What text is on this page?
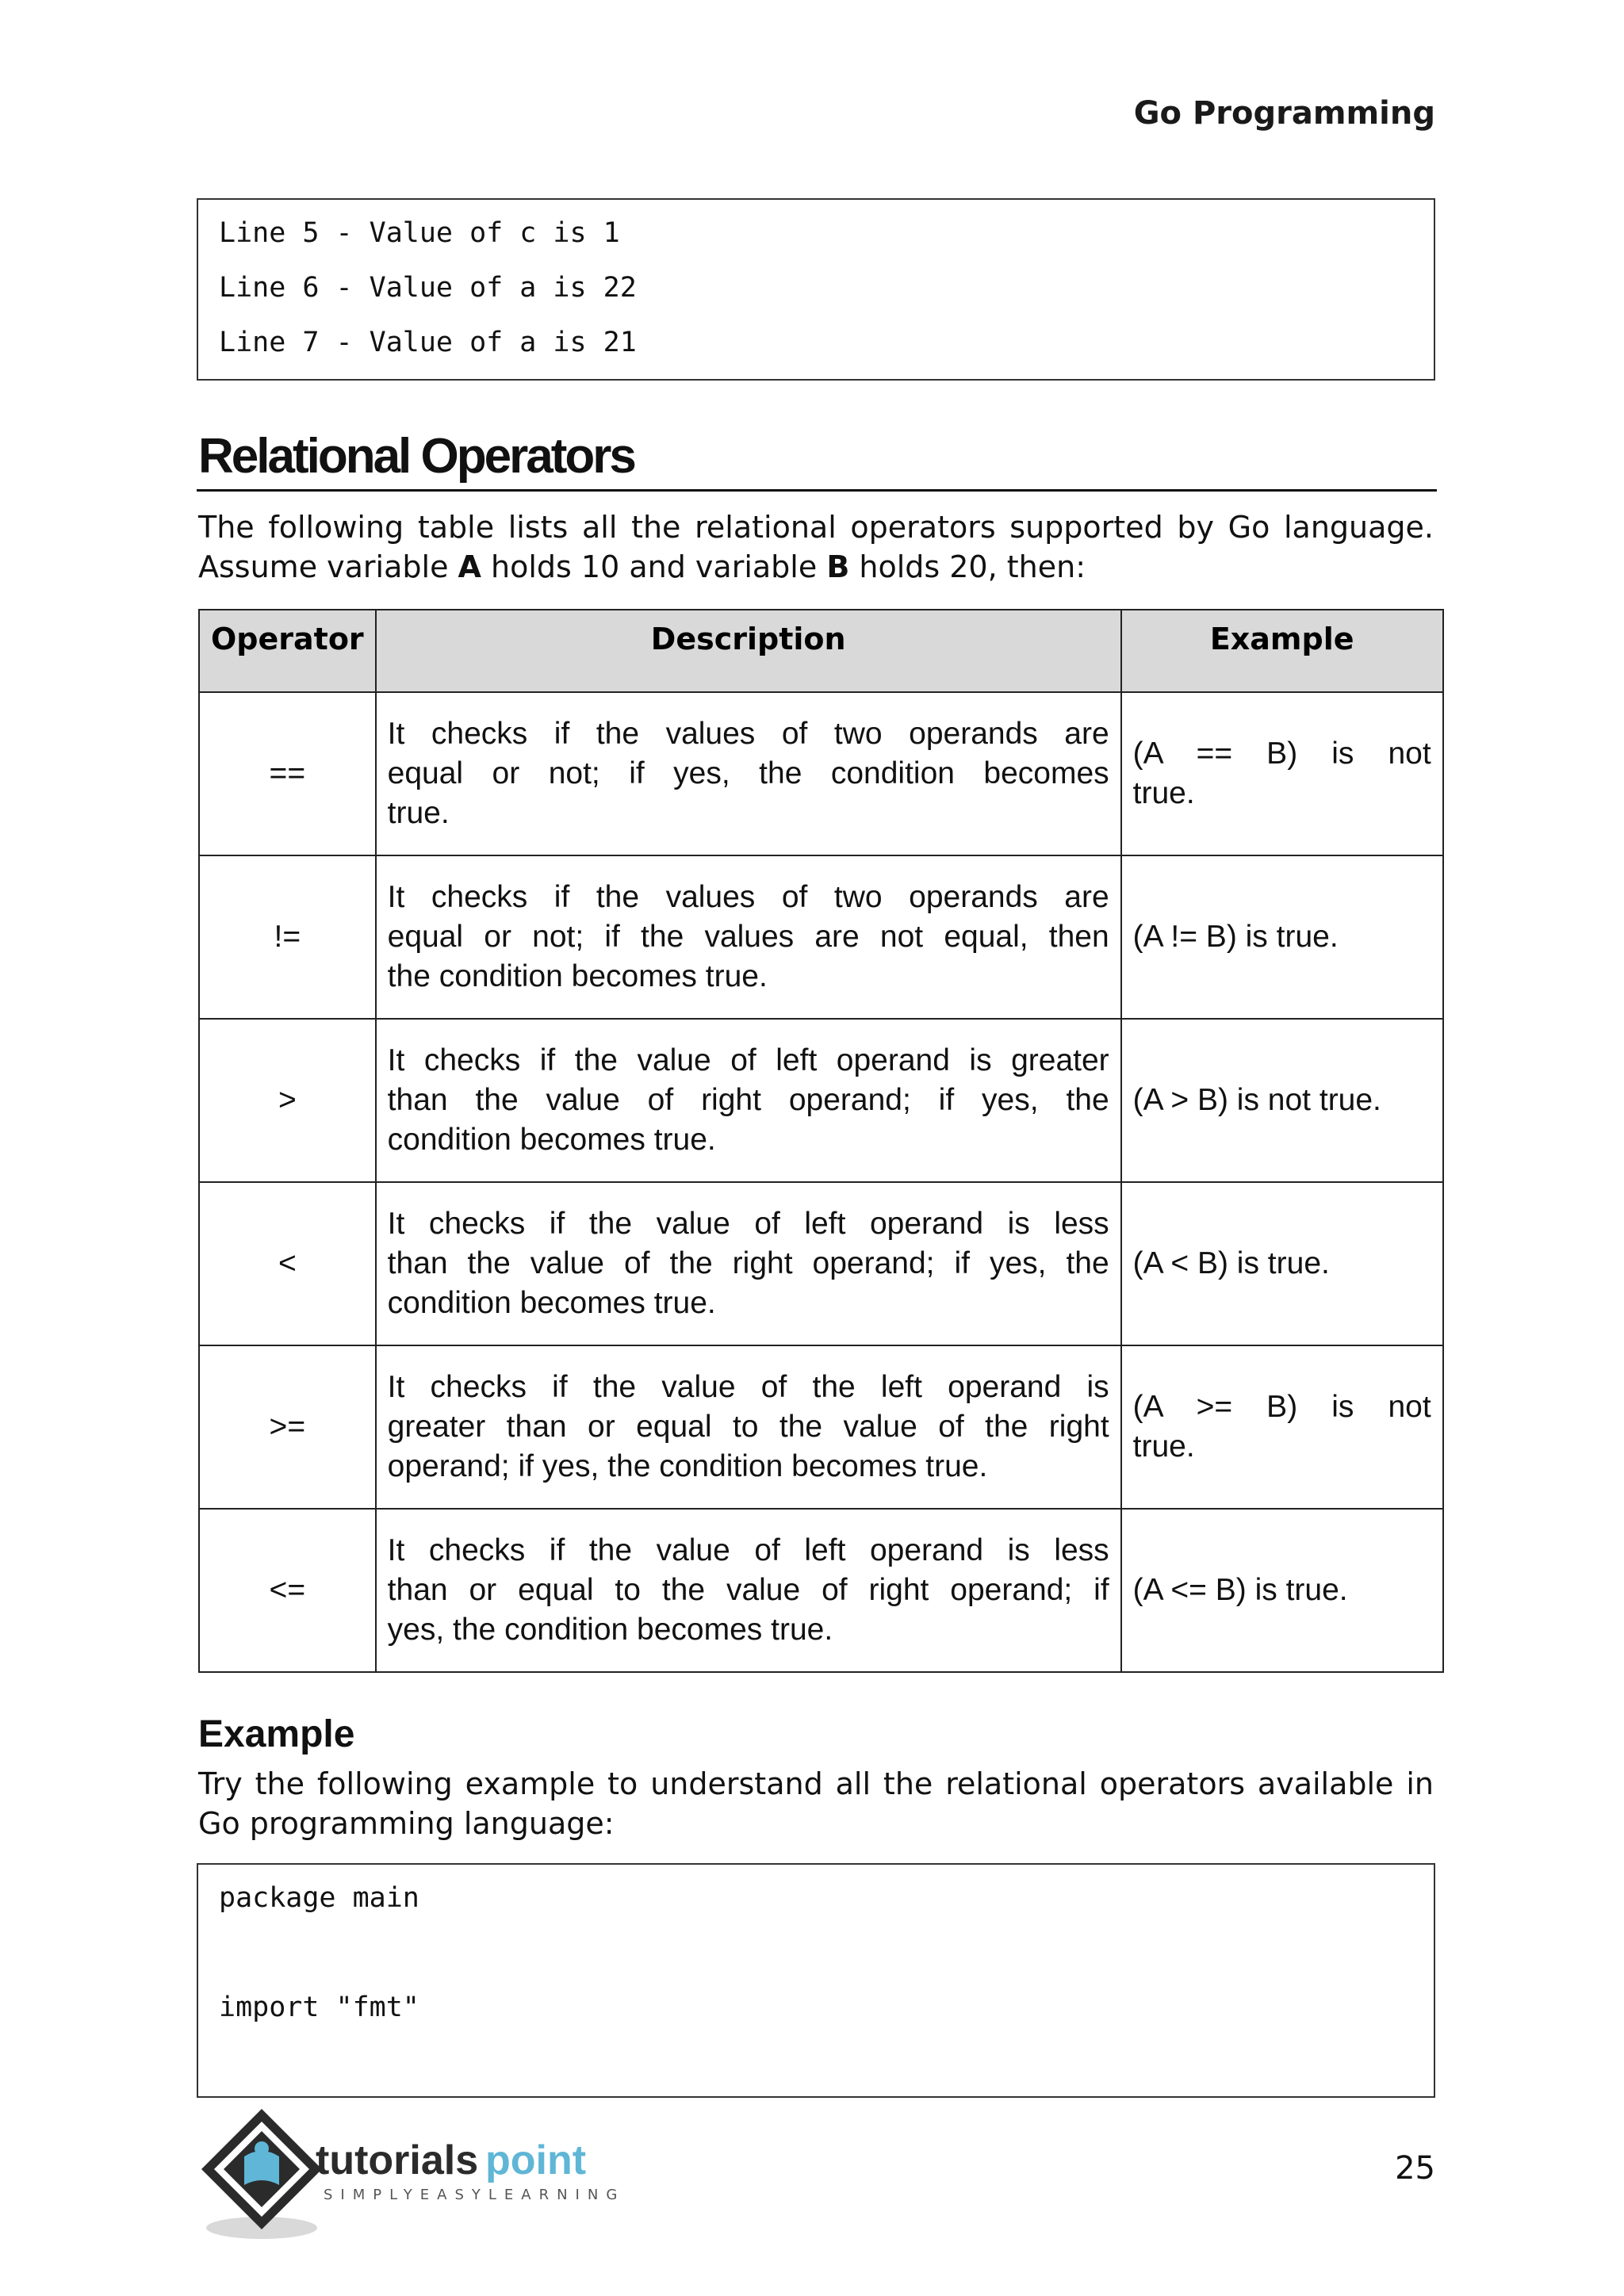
Go Programming
Line 5 - Value of c is 1
Line 6 - Value of a is 22
Line 7 - Value of a is 21
Relational Operators
The following table lists all the relational operators supported by Go language.
Assume variable A holds 10 and variable B holds 20, then:
Operator	Description	Example
==	It checks if the values of two operands are
equal or not; if yes, the condition becomes
true.	(A == B) is not
true.

!=	It checks if the values of two operands are
equal or not; if the values are not equal, then
the condition becomes true.	(A != B) is true.

>	It checks if the value of left operand is greater
than the value of right operand; if yes, the
condition becomes true.	(A > B) is not true.

<	It checks if the value of left operand is less
than the value of the right operand; if yes, the
condition becomes true.	(A < B) is true.

>=	It checks if the value of the left operand is
greater than or equal to the value of the right
operand; if yes, the condition becomes true.	(A >= B) is not
true.

<=	It checks if the value of left operand is less
than or equal to the value of right operand; if
yes, the condition becomes true.	(A <= B) is true.
Example
Try the following example to understand all the relational operators available in
Go programming language:
package main
import "fmt"
tutorials point
SIMPLYEASYLEARNING
25
